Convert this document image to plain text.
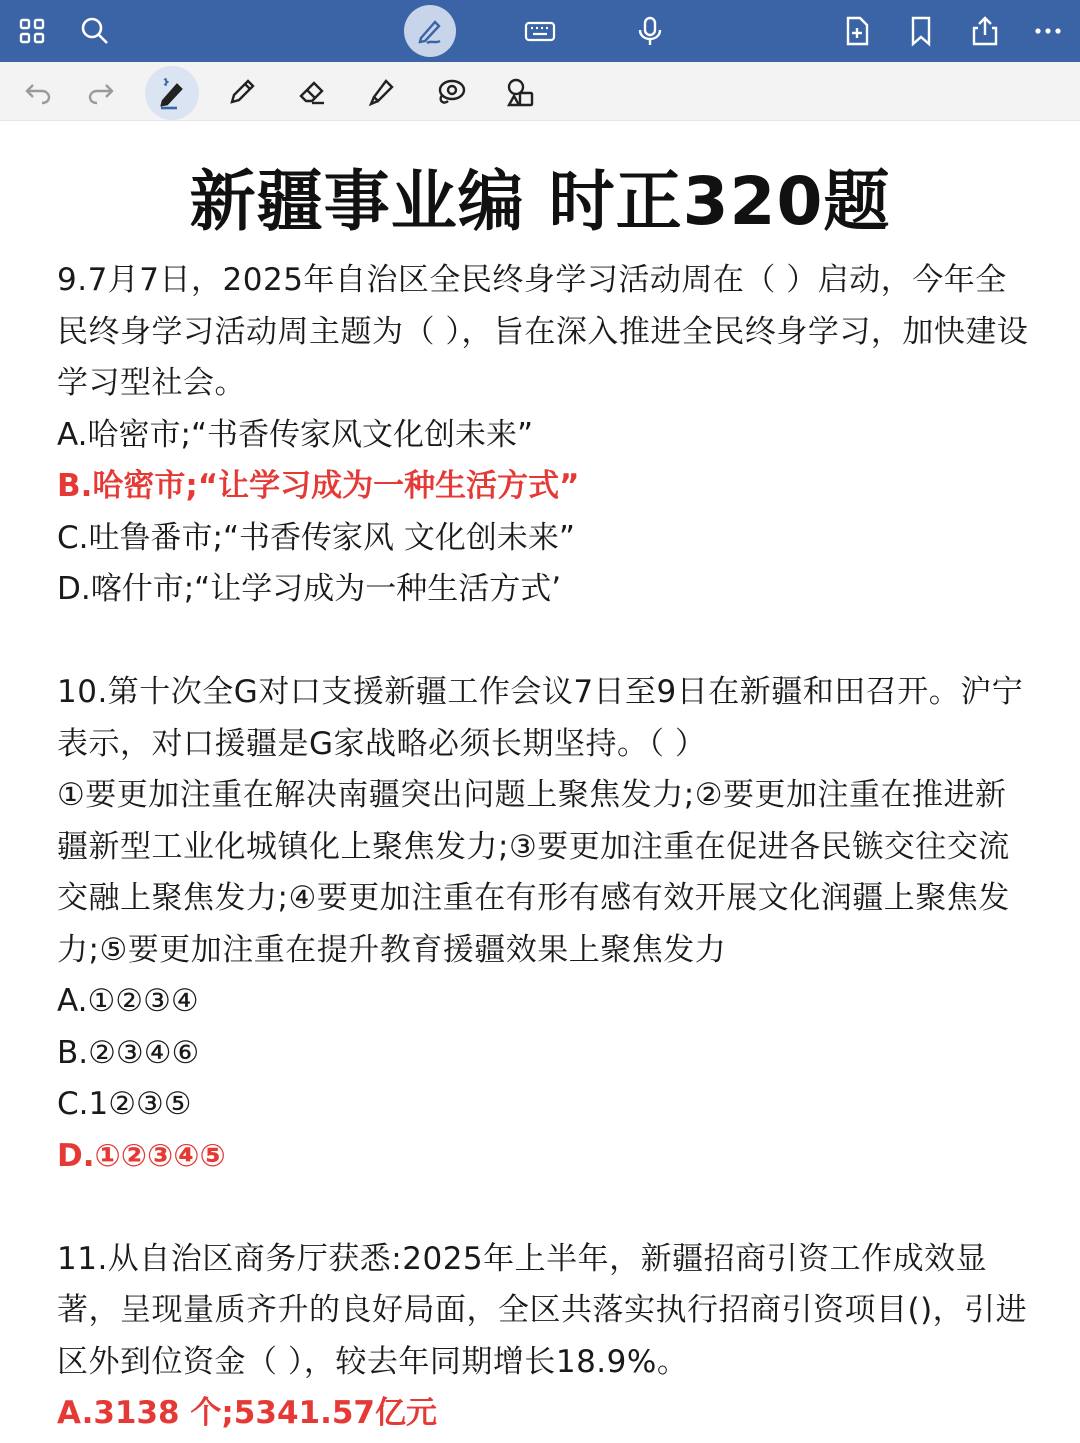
新疆事业编 时正320题

9.7月7日，2025年自治区全民终身学习活动周在（ ）启动，今年全民终身学习活动周主题为（ ），旨在深入推进全民终身学习，加快建设学习型社会。

A.哈密市;“书香传家风文化创未来”

B.哈密市;“让学习成为一种生活方式”

C.吐鲁番市;“书香传家风 文化创未来”

D.喀什市;“让学习成为一种生活方式’

10.第十次全G对口支援新疆工作会议7日至9日在新疆和田召开。沪宁表示，对口援疆是G家战略必须长期坚持。（ ）

①要更加注重在解决南疆突出问题上聚焦发力;②要更加注重在推进新疆新型工业化城镇化上聚焦发力;③要更加注重在促进各民镞交往交流交融上聚焦发力;④要更加注重在有形有感有效开展文化润疆上聚焦发力;⑤要更加注重在提升教育援疆效果上聚焦发力

A.①②③④

B.②③④⑥

C.1②③⑤

D.①②③④⑤

11.从自治区商务厅获悉:2025年上半年，新疆招商引资工作成效显著，呈现量质齐升的良好局面，全区共落实执行招商引资项目()，引进区外到位资金（ ），较去年同期增长18.9%。

A.3138 个;5341.57亿元
